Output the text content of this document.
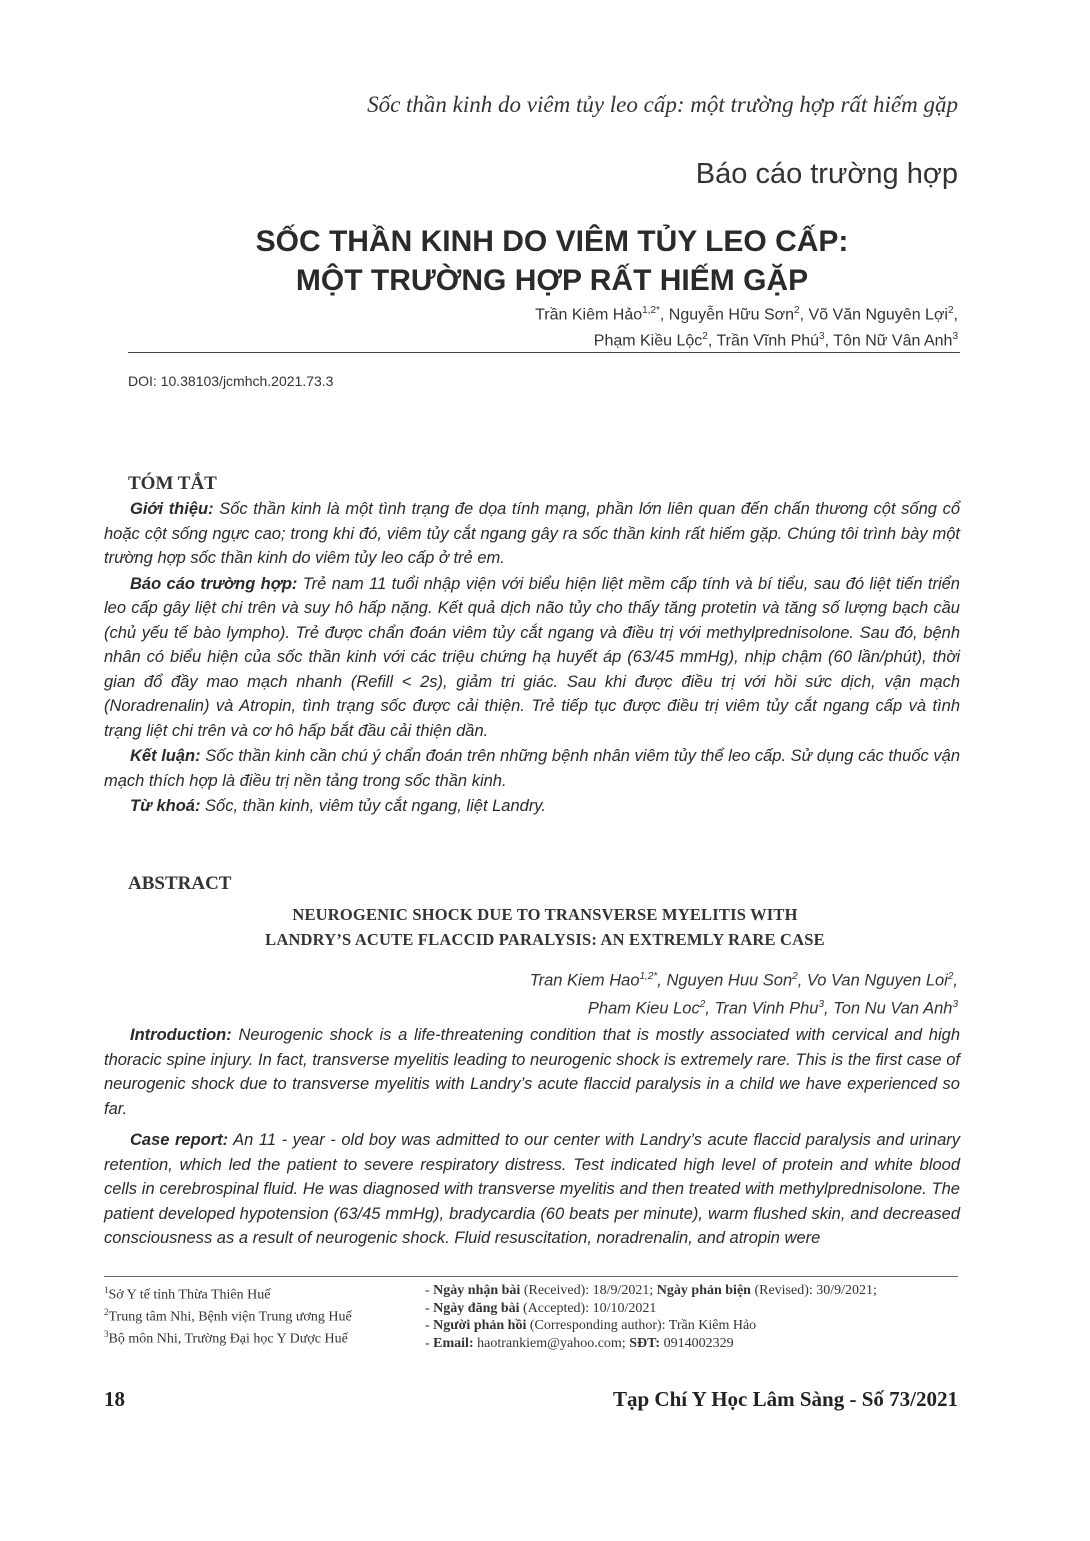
Sốc thần kinh do viêm tủy leo cấp: một trường hợp rất hiếm gặp
Báo cáo trường hợp
SỐC THẦN KINH DO VIÊM TỦY LEO CẤP:
MỘT TRƯỜNG HỢP RẤT HIẾM GẶP
Trần Kiêm Hảo$^{1,2*}$, Nguyễn Hữu Sơn$^2$, Võ Văn Nguyên Lợi$^2$,
Phạm Kiều Lộc$^2$, Trần Vĩnh Phú$^3$, Tôn Nữ Vân Anh$^3$
DOI: 10.38103/jcmhch.2021.73.3
TÓM TẮT

Giới thiệu: Sốc thần kinh là một tình trạng đe dọa tính mạng, phần lớn liên quan đến chấn thương cột sống cổ hoặc cột sống ngực cao; trong khi đó, viêm tủy cắt ngang gây ra sốc thần kinh rất hiếm gặp. Chúng tôi trình bày một trường hợp sốc thần kinh do viêm tủy leo cấp ở trẻ em.

Báo cáo trường hợp: Trẻ nam 11 tuổi nhập viện với biểu hiện liệt mềm cấp tính và bí tiểu, sau đó liệt tiến triển leo cấp gây liệt chi trên và suy hô hấp nặng. Kết quả dịch não tủy cho thấy tăng protetin và tăng số lượng bạch cầu (chủ yếu tế bào lympho). Trẻ được chẩn đoán viêm tủy cắt ngang và điều trị với methylprednisolone. Sau đó, bệnh nhân có biểu hiện của sốc thần kinh với các triệu chứng hạ huyết áp (63/45 mmHg), nhịp chậm (60 lần/phút), thời gian đổ đầy mao mạch nhanh (Refill < 2s), giảm tri giác. Sau khi được điều trị với hồi sức dịch, vận mạch (Noradrenalin) và Atropin, tình trạng sốc được cải thiện. Trẻ tiếp tục được điều trị viêm tủy cắt ngang cấp và tình trạng liệt chi trên và cơ hô hấp bắt đầu cải thiện dần.

Kết luận: Sốc thần kinh cần chú ý chẩn đoán trên những bệnh nhân viêm tủy thể leo cấp. Sử dụng các thuốc vận mạch thích hợp là điều trị nền tảng trong sốc thần kinh.

Từ khoá: Sốc, thần kinh, viêm tủy cắt ngang, liệt Landry.

ABSTRACT
NEUROGENIC SHOCK DUE TO TRANSVERSE MYELITIS WITH
LANDRY’S ACUTE FLACCID PARALYSIS: AN EXTREMLY RARE CASE
Tran Kiem Hao$^{1,2*}$, Nguyen Huu Son$^2$, Vo Van Nguyen Loi$^2$,
Pham Kieu Loc$^2$, Tran Vinh Phu$^3$, Ton Nu Van Anh$^3$

Introduction: Neurogenic shock is a life-threatening condition that is mostly associated with cervical and high thoracic spine injury. In fact, transverse myelitis leading to neurogenic shock is extremely rare. This is the first case of neurogenic shock due to transverse myelitis with Landry’s acute flaccid paralysis in a child we have experienced so far.

Case report: An 11 - year - old boy was admitted to our center with Landry’s acute flaccid paralysis and urinary retention, which led the patient to severe respiratory distress. Test indicated high level of protein and white blood cells in cerebrospinal fluid. He was diagnosed with transverse myelitis and then treated with methylprednisolone. The patient developed hypotension (63/45 mmHg), bradycardia (60 beats per minute), warm flushed skin, and decreased consciousness as a result of neurogenic shock. Fluid resuscitation, noradrenalin, and atropin were

$^1$Sở Y tế tỉnh Thừa Thiên Huế
$^2$Trung tâm Nhi, Bệnh viện Trung ương Huế
$^3$Bộ môn Nhi, Trường Đại học Y Dược Huế
- Ngày nhận bài (Received): 18/9/2021; Ngày phản biện (Revised): 30/9/2021;
- Ngày đăng bài (Accepted): 10/10/2021
- Người phản hồi (Corresponding author): Trần Kiêm Hảo
- Email: haotrankiem@yahoo.com; SĐT: 0914002329
18	Tạp Chí Y Học Lâm Sàng - Số 73/2021
